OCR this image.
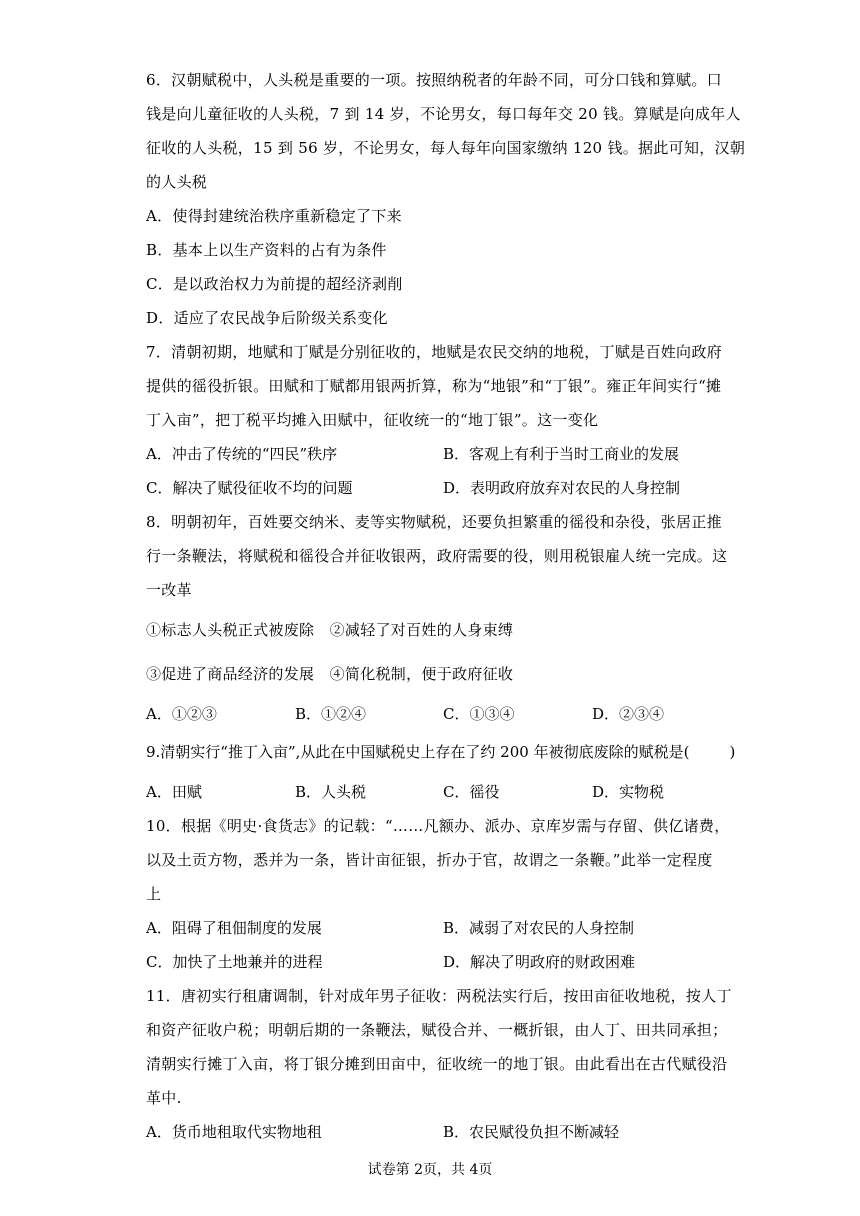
6．汉朝赋税中，人头税是重要的一项。按照纳税者的年龄不同，可分口钱和算赋。口
钱是向儿童征收的人头税，7 到 14 岁，不论男女，每口每年交 20 钱。算赋是向成年人
征收的人头税，15 到 56 岁，不论男女，每人每年向国家缴纳 120 钱。据此可知，汉朝
的人头税
A．使得封建统治秩序重新稳定了下来
B．基本上以生产资料的占有为条件
C．是以政治权力为前提的超经济剥削
D．适应了农民战争后阶级关系变化
7．清朝初期，地赋和丁赋是分别征收的，地赋是农民交纳的地税，丁赋是百姓向政府
提供的徭役折银。田赋和丁赋都用银两折算，称为“地银”和“丁银”。雍正年间实行“摊
丁入亩”，把丁税平均摊入田赋中，征收统一的“地丁银”。这一变化
A．冲击了传统的“四民”秩序	B．客观上有利于当时工商业的发展
C．解决了赋役征收不均的问题	D．表明政府放弃对农民的人身控制
8．明朝初年，百姓要交纳米、麦等实物赋税，还要负担繁重的徭役和杂役，张居正推
行一条鞭法，将赋税和徭役合并征收银两，政府需要的役，则用税银雇人统一完成。这
一改革
①标志人头税正式被废除　②减轻了对百姓的人身束缚
③促进了商品经济的发展　④简化税制，便于政府征收
A．①②③	B．①②④	C．①③④	D．②③④
9.清朝实行“推丁入亩”,从此在中国赋税史上存在了约 200 年被彻底废除的赋税是(	)
A．田赋	B．人头税	C．徭役	D．实物税
10．根据《明史·食货志》的记载：“……凡额办、派办、京库岁需与存留、供亿诸费，
以及土贡方物，悉并为一条，皆计亩征银，折办于官，故谓之一条鞭。”此举一定程度
上
A．阻碍了租佃制度的发展	B．减弱了对农民的人身控制
C．加快了土地兼并的进程	D．解决了明政府的财政困难
11．唐初实行租庸调制，针对成年男子征收：两税法实行后，按田亩征收地税，按人丁
和资产征收户税；明朝后期的一条鞭法，赋役合并、一概折银，由人丁、田共同承担；
清朝实行摊丁入亩，将丁银分摊到田亩中，征收统一的地丁银。由此看出在古代赋役沿
革中.
A．货币地租取代实物地租	B．农民赋役负担不断减轻
试卷第 2页，共 4页
